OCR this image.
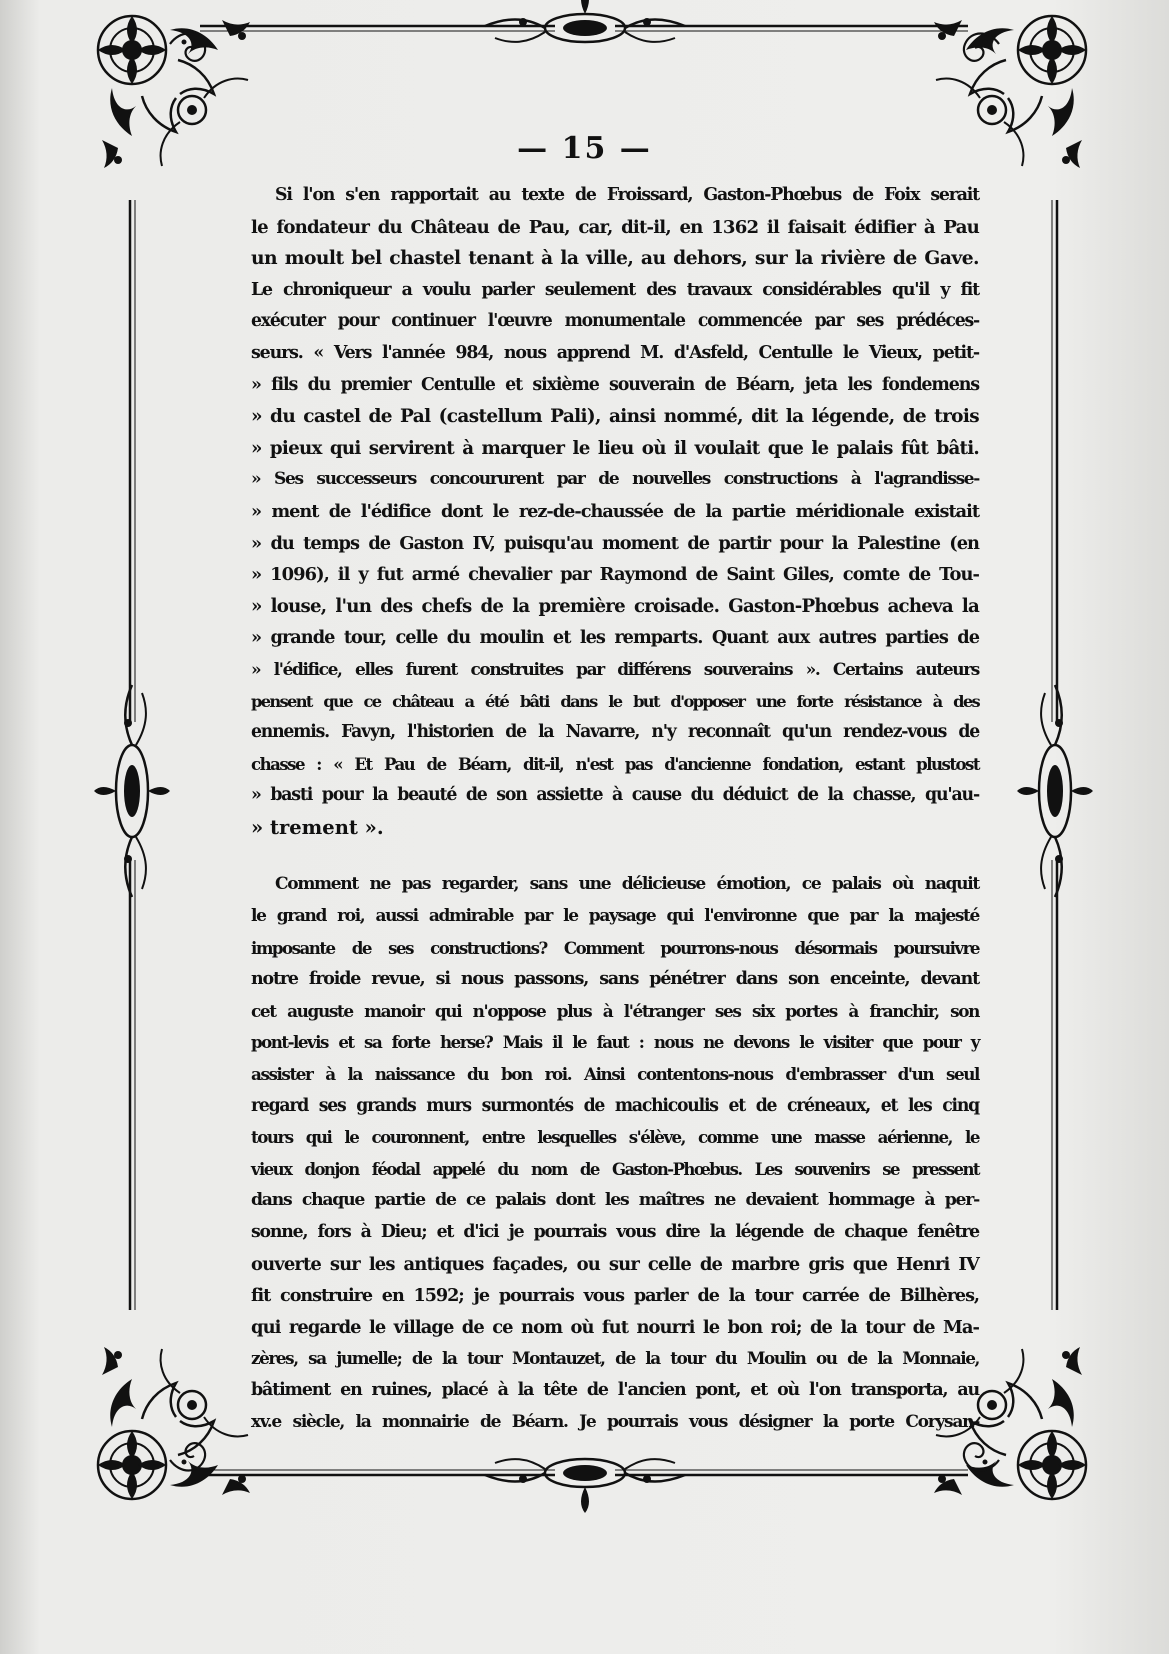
— 15 —

Si l'on s'en rapportait au texte de Froissard, Gaston-Phœbus de Foix serait
le fondateur du Château de Pau, car, dit-il, en 1362 il faisait édifier à Pau
un moult bel chastel tenant à la ville, au dehors, sur la rivière de Gave.
Le chroniqueur a voulu parler seulement des travaux considérables qu'il y fit
exécuter pour continuer l'œuvre monumentale commencée par ses prédéces-
seurs. « Vers l'année 984, nous apprend M. d'Asfeld, Centulle le Vieux, petit-
» fils du premier Centulle et sixième souverain de Béarn, jeta les fondemens
» du castel de Pal (castellum Pali), ainsi nommé, dit la légende, de trois
» pieux qui servirent à marquer le lieu où il voulait que le palais fût bâti.
» Ses successeurs concoururent par de nouvelles constructions à l'agrandisse-
» ment de l'édifice dont le rez-de-chaussée de la partie méridionale existait
» du temps de Gaston IV, puisqu'au moment de partir pour la Palestine (en
» 1096), il y fut armé chevalier par Raymond de Saint Giles, comte de Tou-
» louse, l'un des chefs de la première croisade. Gaston-Phœbus acheva la
» grande tour, celle du moulin et les remparts. Quant aux autres parties de
» l'édifice, elles furent construites par différens souverains ». Certains auteurs
pensent que ce château a été bâti dans le but d'opposer une forte résistance à des
ennemis. Favyn, l'historien de la Navarre, n'y reconnaît qu'un rendez-vous de
chasse : « Et Pau de Béarn, dit-il, n'est pas d'ancienne fondation, estant plustost
» basti pour la beauté de son assiette à cause du déduict de la chasse, qu'au-
» trement ».

Comment ne pas regarder, sans une délicieuse émotion, ce palais où naquit
le grand roi, aussi admirable par le paysage qui l'environne que par la majesté
imposante de ses constructions? Comment pourrons-nous désormais poursuivre
notre froide revue, si nous passons, sans pénétrer dans son enceinte, devant
cet auguste manoir qui n'oppose plus à l'étranger ses six portes à franchir, son
pont-levis et sa forte herse? Mais il le faut : nous ne devons le visiter que pour y
assister à la naissance du bon roi. Ainsi contentons-nous d'embrasser d'un seul
regard ses grands murs surmontés de machicoulis et de créneaux, et les cinq
tours qui le couronnent, entre lesquelles s'élève, comme une masse aérienne, le
vieux donjon féodal appelé du nom de Gaston-Phœbus. Les souvenirs se pressent
dans chaque partie de ce palais dont les maîtres ne devaient hommage à per-
sonne, fors à Dieu; et d'ici je pourrais vous dire la légende de chaque fenêtre
ouverte sur les antiques façades, ou sur celle de marbre gris que Henri IV
fit construire en 1592; je pourrais vous parler de la tour carrée de Bilhères,
qui regarde le village de ce nom où fut nourri le bon roi; de la tour de Ma-
zères, sa jumelle; de la tour Montauzet, de la tour du Moulin ou de la Monnaie,
bâtiment en ruines, placé à la tête de l'ancien pont, et où l'on transporta, au
xv.e siècle, la monnairie de Béarn. Je pourrais vous désigner la porte Corysan-
